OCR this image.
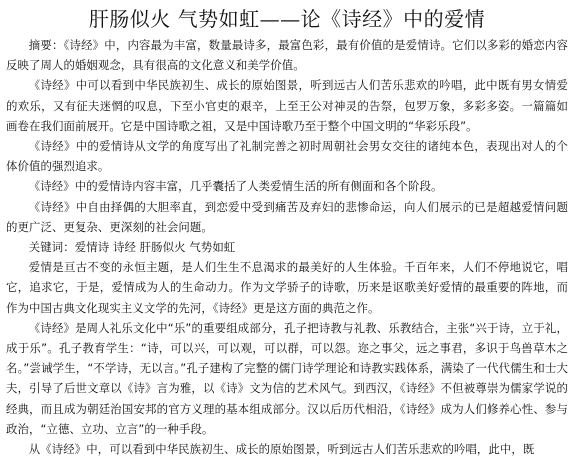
肝肠似火 气势如虹——论《诗经》中的爱情

摘要：《诗经》中，内容最为丰富，数量最诗多，最富色彩，最有价值的是爱情诗。它们以多彩的婚恋内容反映了周人的婚姻观念，具有很高的文化意义和美学价值。

《诗经》中可以看到中华民族初生、成长的原始图景，听到远古人们苦乐悲欢的吟唱，此中既有男女情爱的欢乐，又有征夫迷惘的叹息，下至小官吏的艰辛，上至王公对神灵的告祭，包罗万象，多彩多姿。一篇篇如画卷在我们面前展开。它是中国诗歌之祖，又是中国诗歌乃至于整个中国文明的“华彩乐段”。

《诗经》中的爱情诗从文学的角度写出了礼制完善之初时周朝社会男女交往的诸纯本色，表现出对人的个体价值的强烈追求。

《诗经》中的爱情诗内容丰富，几乎囊括了人类爱情生活的所有侧面和各个阶段。

《诗经》中自由择偶的大胆率直，到恋爱中受到痛苦及弃妇的悲惨命运，向人们展示的已是超越爱情问题的更广泛、更复杂、更深刻的社会问题。

关键词：爱情诗 诗经 肝肠似火 气势如虹

爱情是亘古不变的永恒主题，是人们生生不息渴求的最美好的人生体验。千百年来，人们不停地说它，唱它，追求它，于是，爱情成为人的生命动力。作为文学骄子的诗歌，历来是讴歌美好爱情的最重要的阵地，而作为中国古典文化现实主义文学的先河，《诗经》更是这方面的典范之作。

《诗经》是周人礼乐文化中“乐”的重要组成部分，孔子把诗教与礼教、乐教结合，主张“兴于诗，立于礼，成于乐”。孔子教育学生：“诗，可以兴，可以观，可以群，可以怨。迩之事父，远之事君，多识于鸟兽草木之名。”尝诫学生，“不学诗，无以言。”孔子建构了完整的儒门诗学理论和诗教实践体系，满染了一代代儒生和士大夫，引导了后世文章以《诗》言为雅，以《诗》文为信的艺术风气。到西汉，《诗经》不但被尊崇为儒家学说的经典，而且成为朝廷治国安邦的官方义理的基本组成部分。汉以后历代相沿，《诗经》成为人们修养心性、参与政治，“立德、立功、立言”的一种手段。

从《诗经》中，可以看到中华民族初生、成长的原始图景，听到远古人们苦乐悲欢的吟唱，此中，既
